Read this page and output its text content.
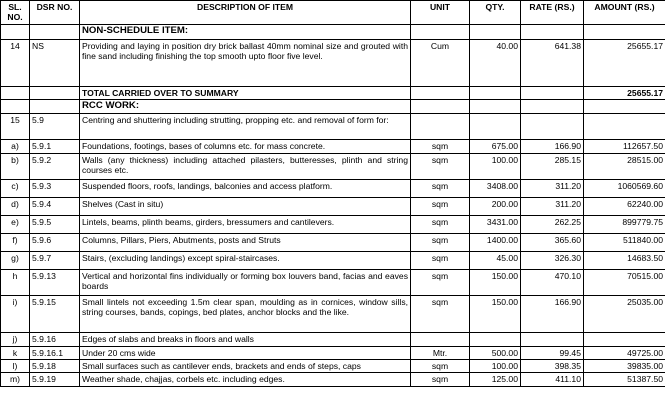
SL. NO.	DSR NO.	DESCRIPTION OF ITEM	UNIT	QTY.	RATE (RS.)	AMOUNT (RS.)
		NON-SCHEDULE ITEM:				
14	NS	Providing and laying in position dry brick ballast 40mm nominal size and grouted with fine sand including finishing the top smooth upto floor five level.	Cum	40.00	641.38	25655.17
		TOTAL CARRIED OVER TO SUMMARY				25655.17
		RCC WORK:				
15	5.9	Centring and shuttering including strutting, propping etc. and removal of form for:				
a)	5.9.1	Foundations, footings, bases of columns etc. for mass concrete.	sqm	675.00	166.90	112657.50
b)	5.9.2	Walls (any thickness) including attached pilasters, butteresses, plinth and string courses etc.	sqm	100.00	285.15	28515.00
c)	5.9.3	Suspended floors, roofs, landings, balconies and access platform.	sqm	3408.00	311.20	1060569.60
d)	5.9.4	Shelves (Cast in situ)	sqm	200.00	311.20	62240.00
e)	5.9.5	Lintels, beams, plinth beams, girders, bressumers and cantilevers.	sqm	3431.00	262.25	899779.75
f)	5.9.6	Columns, Pillars, Piers, Abutments, posts and Struts	sqm	1400.00	365.60	511840.00
g)	5.9.7	Stairs, (excluding landings) except spiral-staircases.	sqm	45.00	326.30	14683.50
h	5.9.13	Vertical and horizontal fins individually or forming box louvers band, facias and eaves boards	sqm	150.00	470.10	70515.00
i)	5.9.15	Small lintels not exceeding 1.5m clear span, moulding as in cornices, window sills, string courses, bands, copings, bed plates, anchor blocks and the like.	sqm	150.00	166.90	25035.00
j)	5.9.16	Edges of slabs and breaks in floors and walls				
k	5.9.16.1	Under 20 cms wide	Mtr.	500.00	99.45	49725.00
l)	5.9.18	Small surfaces such as cantilever ends, brackets and ends of steps, caps	sqm	100.00	398.35	39835.00
m)	5.9.19	Weather shade, chajjas, corbels etc. including edges.	sqm	125.00	411.10	51387.50
